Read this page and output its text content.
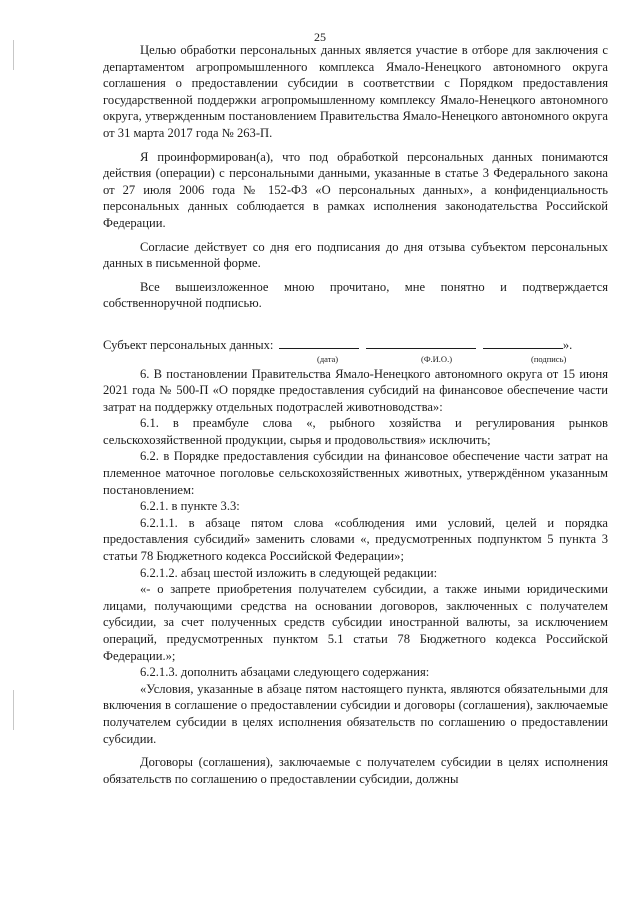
25

Целью обработки персональных данных является участие в отборе для заключения с департаментом агропромышленного комплекса Ямало-Ненецкого автономного округа соглашения о предоставлении субсидии в соответствии с Порядком предоставления государственной поддержки агропромышленному комплексу Ямало-Ненецкого автономного округа, утвержденным постановлением Правительства Ямало-Ненецкого автономного округа от 31 марта 2017 года № 263-П.

Я проинформирован(а), что под обработкой персональных данных понимаются действия (операции) с персональными данными, указанные в статье 3 Федерального закона от 27 июля 2006 года № 152-ФЗ «О персональных данных», а конфиденциальность персональных данных соблюдается в рамках исполнения законодательства Российской Федерации.

Согласие действует со дня его подписания до дня отзыва субъектом персональных данных в письменной форме.

Все вышеизложенное мною прочитано, мне понятно и подтверждается собственноручной подписью.

Субъект персональных данных:	».
(дата)	(Ф.И.О.)	(подпись)

6. В постановлении Правительства Ямало-Ненецкого автономного округа от 15 июня 2021 года № 500-П «О порядке предоставления субсидий на финансовое обеспечение части затрат на поддержку отдельных подотраслей животноводства»:

6.1. в преамбуле слова «, рыбного хозяйства и регулирования рынков сельскохозяйственной продукции, сырья и продовольствия» исключить;

6.2. в Порядке предоставления субсидии на финансовое обеспечение части затрат на племенное маточное поголовье сельскохозяйственных животных, утверждённом указанным постановлением:

6.2.1. в пункте 3.3:

6.2.1.1. в абзаце пятом слова «соблюдения ими условий, целей и порядка предоставления субсидий» заменить словами «, предусмотренных подпунктом 5 пункта 3 статьи 78 Бюджетного кодекса Российской Федерации»;

6.2.1.2. абзац шестой изложить в следующей редакции:

«- о запрете приобретения получателем субсидии, а также иными юридическими лицами, получающими средства на основании договоров, заключенных с получателем субсидии, за счет полученных средств субсидии иностранной валюты, за исключением операций, предусмотренных пунктом 5.1 статьи 78 Бюджетного кодекса Российской Федерации.»;

6.2.1.3. дополнить абзацами следующего содержания:

«Условия, указанные в абзаце пятом настоящего пункта, являются обязательными для включения в соглашение о предоставлении субсидии и договоры (соглашения), заключаемые получателем субсидии в целях исполнения обязательств по соглашению о предоставлении субсидии.

Договоры (соглашения), заключаемые с получателем субсидии в целях исполнения обязательств по соглашению о предоставлении субсидии, должны
